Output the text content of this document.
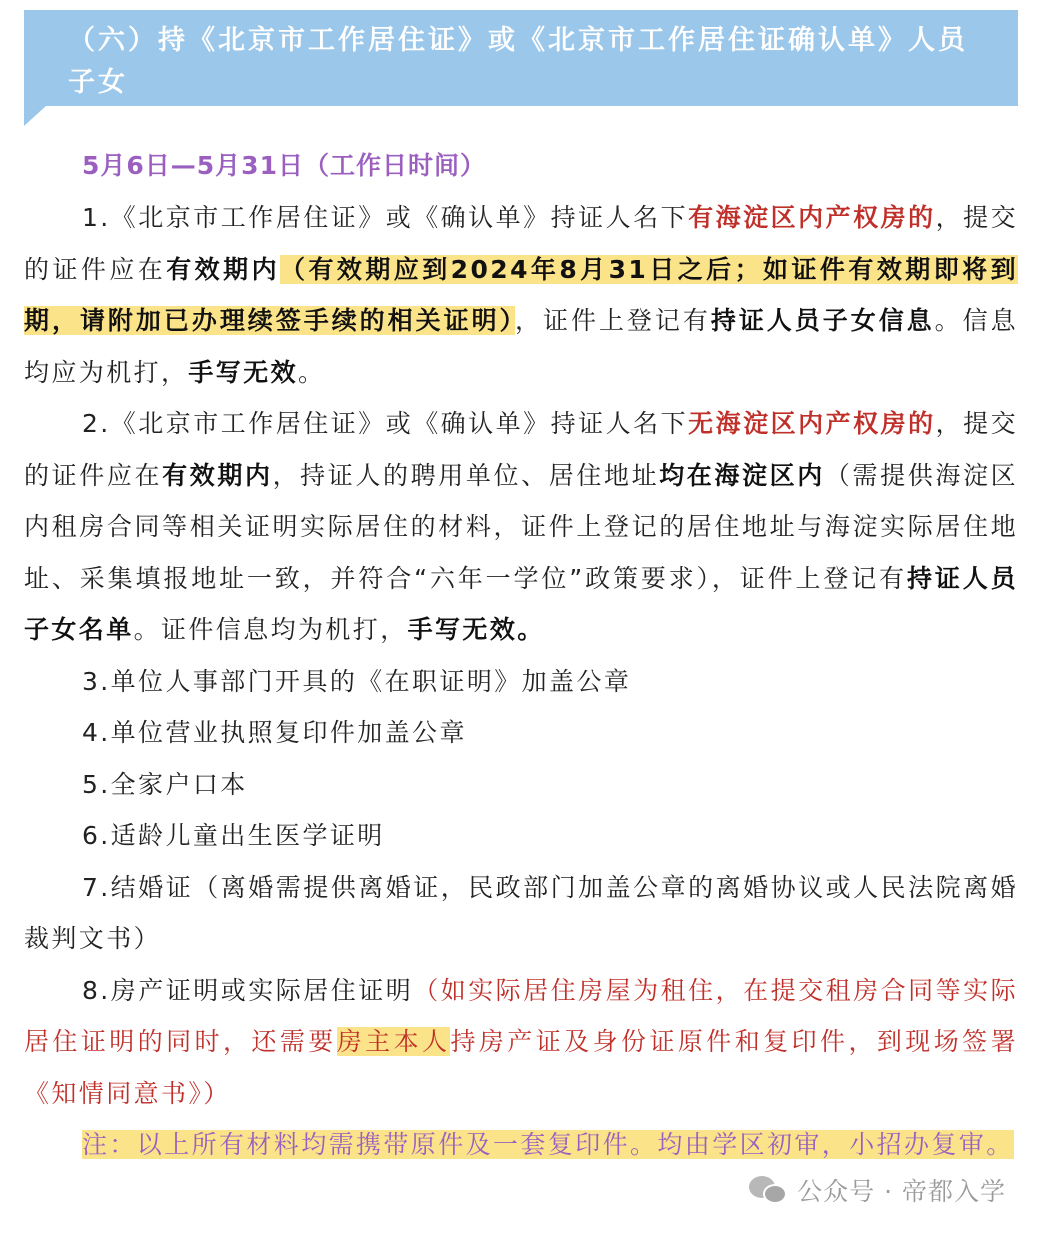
（六）持《北京市工作居住证》或《北京市工作居住证确认单》人员子女
5月6日—5月31日（工作日时间）

1.《北京市工作居住证》或《确认单》持证人名下有海淀区内产权房的，提交的证件应在有效期内（有效期应到2024年8月31日之后；如证件有效期即将到期，请附加已办理续签手续的相关证明），证件上登记有持证人员子女信息。信息均应为机打，手写无效。

2.《北京市工作居住证》或《确认单》持证人名下无海淀区内产权房的，提交的证件应在有效期内，持证人的聘用单位、居住地址均在海淀区内（需提供海淀区内租房合同等相关证明实际居住的材料，证件上登记的居住地址与海淀实际居住地址、采集填报地址一致，并符合“六年一学位”政策要求），证件上登记有持证人员子女名单。证件信息均为机打，手写无效。

3.单位人事部门开具的《在职证明》加盖公章

4.单位营业执照复印件加盖公章

5.全家户口本

6.适龄儿童出生医学证明

7.结婚证（离婚需提供离婚证，民政部门加盖公章的离婚协议或人民法院离婚裁判文书）

8.房产证明或实际居住证明（如实际居住房屋为租住，在提交租房合同等实际居住证明的同时，还需要房主本人持房产证及身份证原件和复印件，到现场签署《知情同意书》）

注：以上所有材料均需携带原件及一套复印件。均由学区初审，小招办复审。

公众号 · 帝都入学
